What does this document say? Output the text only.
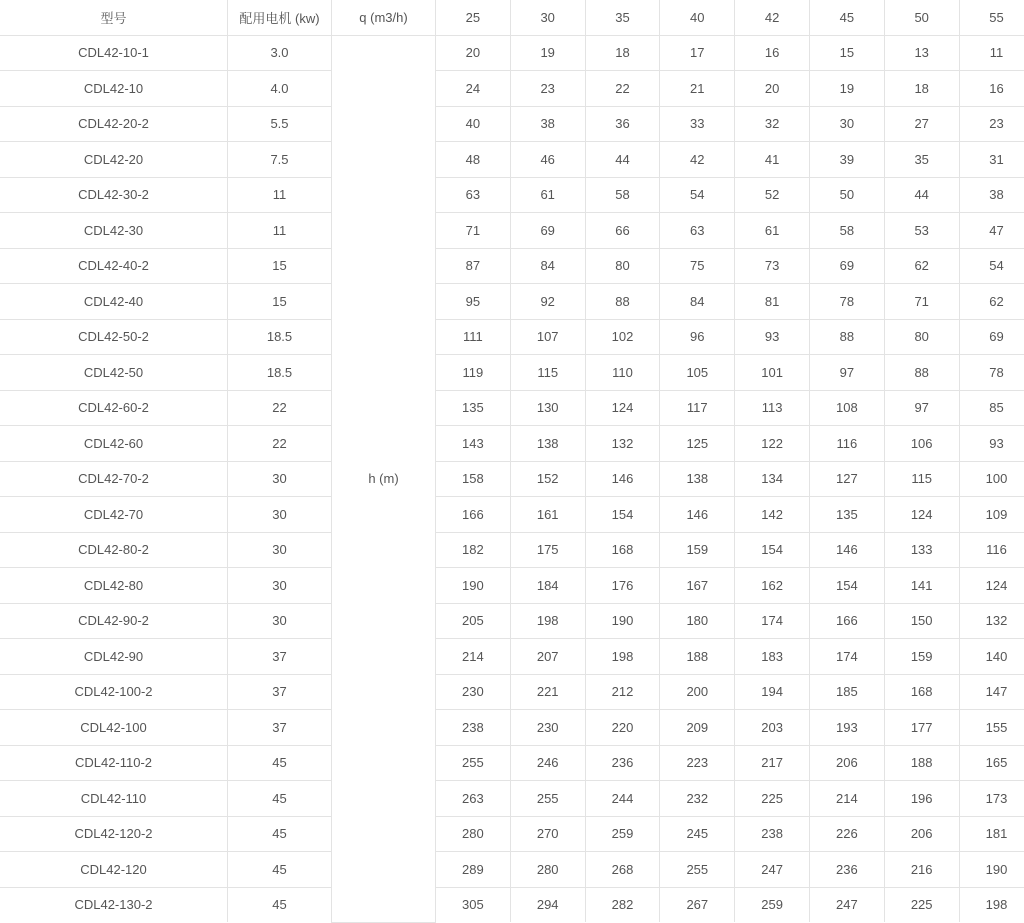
型号	配用电机 (kw)	q (m3/h)	25	30	35	40	42	45	50	55
CDL42-10-1	3.0	h (m)	20	19	18	17	16	15	13	11
CDL42-10	4.0		24	23	22	21	20	19	18	16
CDL42-20-2	5.5		40	38	36	33	32	30	27	23
CDL42-20	7.5		48	46	44	42	41	39	35	31
CDL42-30-2	11		63	61	58	54	52	50	44	38
CDL42-30	11		71	69	66	63	61	58	53	47
CDL42-40-2	15		87	84	80	75	73	69	62	54
CDL42-40	15		95	92	88	84	81	78	71	62
CDL42-50-2	18.5		111	107	102	96	93	88	80	69
CDL42-50	18.5		119	115	110	105	101	97	88	78
CDL42-60-2	22		135	130	124	117	113	108	97	85
CDL42-60	22		143	138	132	125	122	116	106	93
CDL42-70-2	30		158	152	146	138	134	127	115	100
CDL42-70	30		166	161	154	146	142	135	124	109
CDL42-80-2	30		182	175	168	159	154	146	133	116
CDL42-80	30		190	184	176	167	162	154	141	124
CDL42-90-2	30		205	198	190	180	174	166	150	132
CDL42-90	37		214	207	198	188	183	174	159	140
CDL42-100-2	37		230	221	212	200	194	185	168	147
CDL42-100	37		238	230	220	209	203	193	177	155
CDL42-110-2	45		255	246	236	223	217	206	188	165
CDL42-110	45		263	255	244	232	225	214	196	173
CDL42-120-2	45		280	270	259	245	238	226	206	181
CDL42-120	45		289	280	268	255	247	236	216	190
CDL42-130-2	45		305	294	282	267	259	247	225	198
